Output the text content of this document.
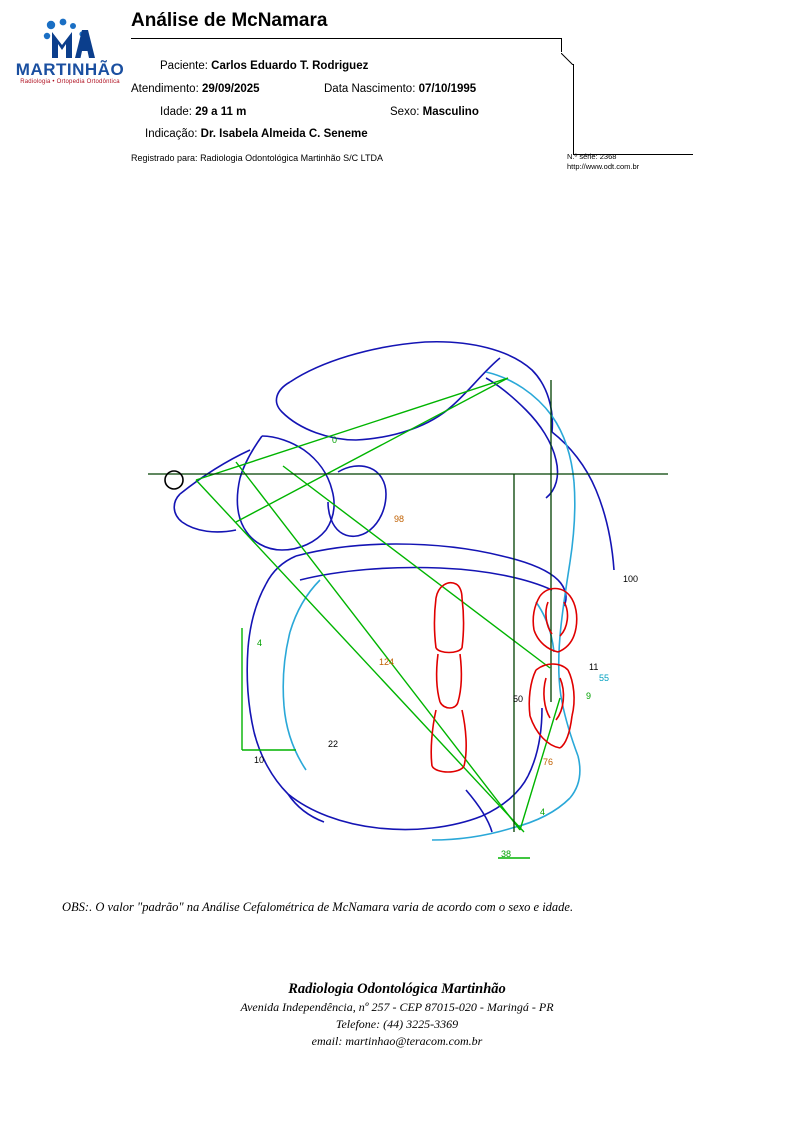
MARTINHÃO
Radiologia • Ortopedia Ortodôntica
Análise de McNamara
Paciente: Carlos Eduardo T. Rodriguez
Atendimento: 29/09/2025	Data Nascimento: 07/10/1995
Idade: 29 a 11 m	Sexo: Masculino
Indicação: Dr. Isabela Almeida C. Seneme
Registrado para: Radiologia Odontológica Martinhão S/C LTDA	N.º série: 2368
http://www.odt.com.br
0
98
100
4
124	11
55
9
50
22
10	76
4
38
OBS:. O valor "padrão" na Análise Cefalométrica de McNamara varia de acordo com o sexo e idade.
Radiologia Odontológica Martinhão
Avenida Independência, nº 257 - CEP 87015-020 - Maringá - PR
Telefone: (44) 3225-3369
email: martinhao@teracom.com.br
